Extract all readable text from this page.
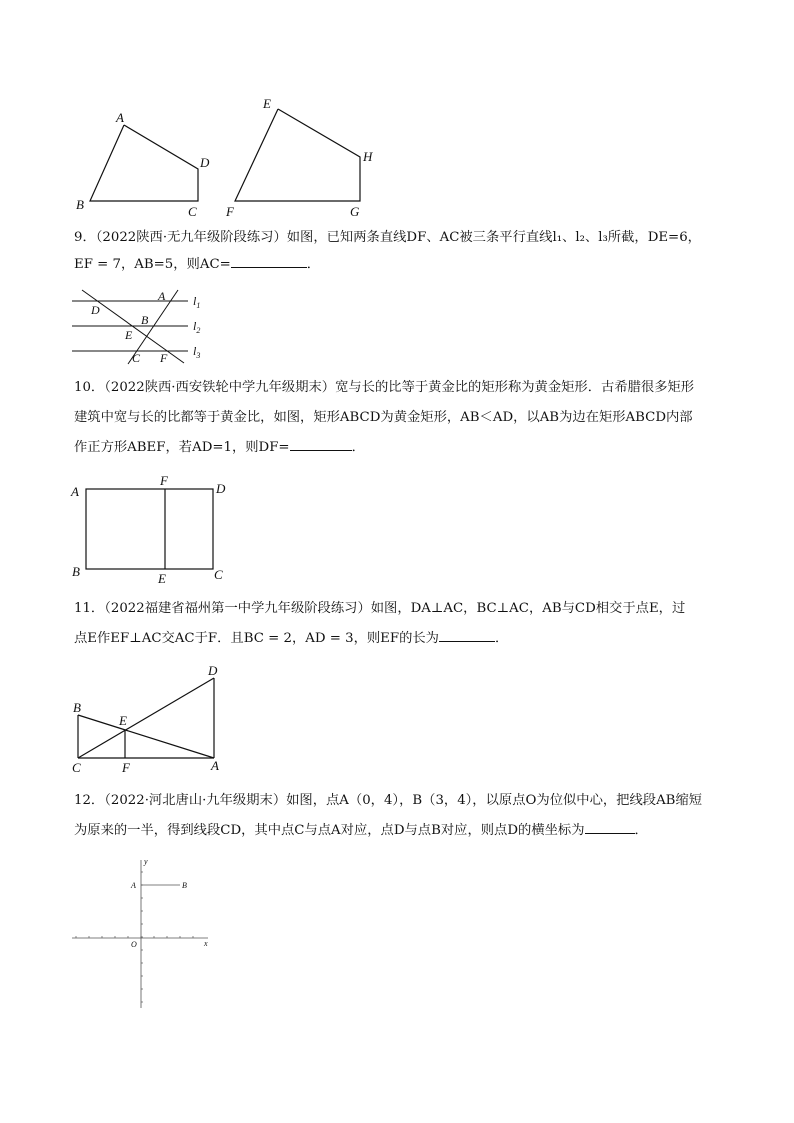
A
B	C
D
E
F	G
H

9．（2022陕西·无九年级阶段练习）如图，已知两条直线DF、AC被三条平行直线l₁、l₂、l₃所截，DE=6，

EF = 7，AB=5，则AC=	．

A
D
B
E
C F
$l_1$
$l_2$
$l_3$

10．（2022陕西·西安铁轮中学九年级期末）宽与长的比等于黄金比的矩形称为黄金矩形．古希腊很多矩形

建筑中宽与长的比都等于黄金比，如图，矩形ABCD为黄金矩形，AB＜AD，以AB为边在矩形ABCD内部

作正方形ABEF，若AD=1，则DF=	．

A
F
D
B	E	C

11．（2022福建省福州第一中学九年级阶段练习）如图，DA⊥AC，BC⊥AC，AB与CD相交于点E，过

点E作EF⊥AC交AC于F．且BC = 2，AD = 3，则EF的长为	．

D
B
E
C	F	A

12．（2022·河北唐山·九年级期末）如图，点A（0，4），B（3，4），以原点O为位似中心，把线段AB缩短

为原来的一半，得到线段CD，其中点C与点A对应，点D与点B对应，则点D的横坐标为	．

y
x
O
A	B
